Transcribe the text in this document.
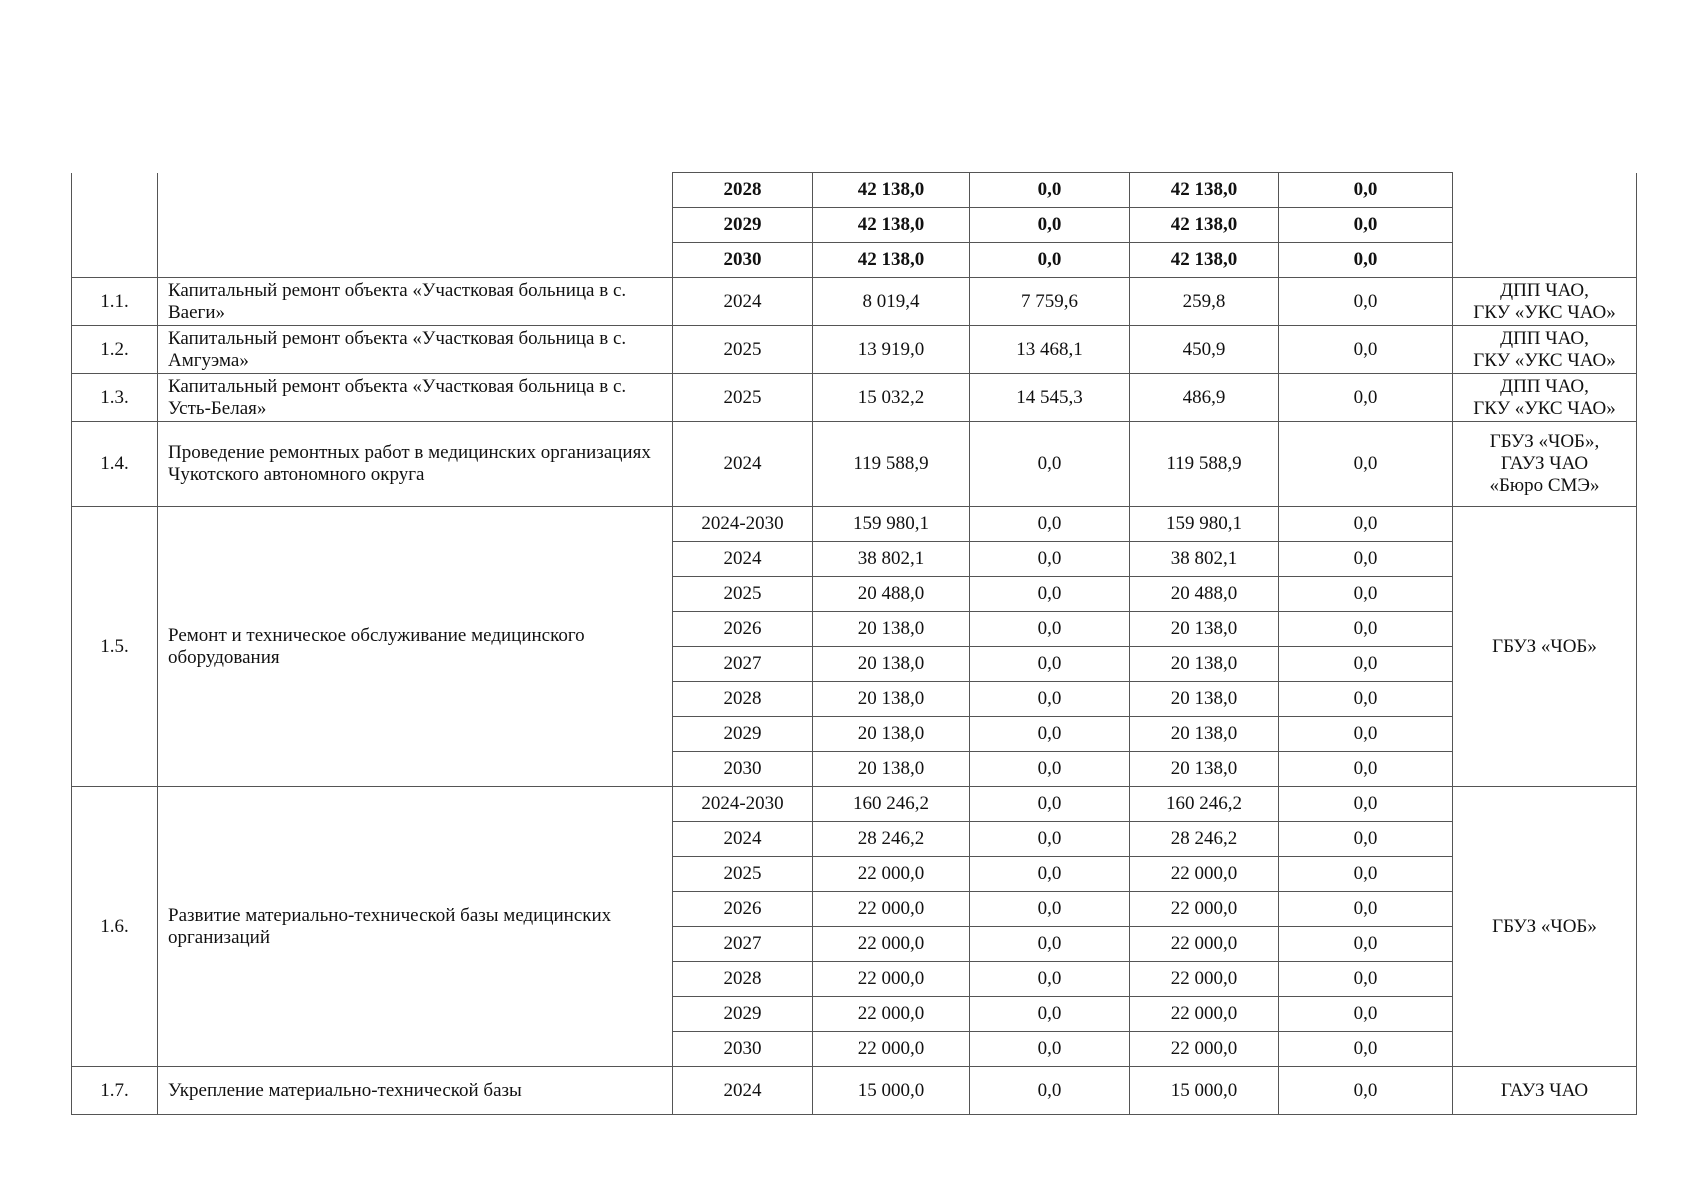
		2028	42 138,0	0,0	42 138,0	0,0	
		2029	42 138,0	0,0	42 138,0	0,0	
		2030	42 138,0	0,0	42 138,0	0,0	
1.1.	Капитальный ремонт объекта «Участковая больница в с. Ваеги»	2024	8 019,4	7 759,6	259,8	0,0	ДПП ЧАО,
ГКУ «УКС ЧАО»
1.2.	Капитальный ремонт объекта «Участковая больница в с. Амгуэма»	2025	13 919,0	13 468,1	450,9	0,0	ДПП ЧАО,
ГКУ «УКС ЧАО»
1.3.	Капитальный ремонт объекта «Участковая больница в с. Усть-Белая»	2025	15 032,2	14 545,3	486,9	0,0	ДПП ЧАО,
ГКУ «УКС ЧАО»
1.4.	Проведение ремонтных работ в медицинских организациях Чукотского автономного округа	2024	119 588,9	0,0	119 588,9	0,0	ГБУЗ «ЧОБ»,
ГАУЗ ЧАО
«Бюро СМЭ»
1.5.	Ремонт и техническое обслуживание медицинского оборудования	2024-2030	159 980,1	0,0	159 980,1	0,0	ГБУЗ «ЧОБ»
		2024	38 802,1	0,0	38 802,1	0,0	
		2025	20 488,0	0,0	20 488,0	0,0	
		2026	20 138,0	0,0	20 138,0	0,0	
		2027	20 138,0	0,0	20 138,0	0,0	
		2028	20 138,0	0,0	20 138,0	0,0	
		2029	20 138,0	0,0	20 138,0	0,0	
		2030	20 138,0	0,0	20 138,0	0,0	
1.6.	Развитие материально-технической базы медицинских организаций	2024-2030	160 246,2	0,0	160 246,2	0,0	ГБУЗ «ЧОБ»
		2024	28 246,2	0,0	28 246,2	0,0	
		2025	22 000,0	0,0	22 000,0	0,0	
		2026	22 000,0	0,0	22 000,0	0,0	
		2027	22 000,0	0,0	22 000,0	0,0	
		2028	22 000,0	0,0	22 000,0	0,0	
		2029	22 000,0	0,0	22 000,0	0,0	
		2030	22 000,0	0,0	22 000,0	0,0	
1.7.	Укрепление материально-технической базы	2024	15 000,0	0,0	15 000,0	0,0	ГАУЗ ЧАО
